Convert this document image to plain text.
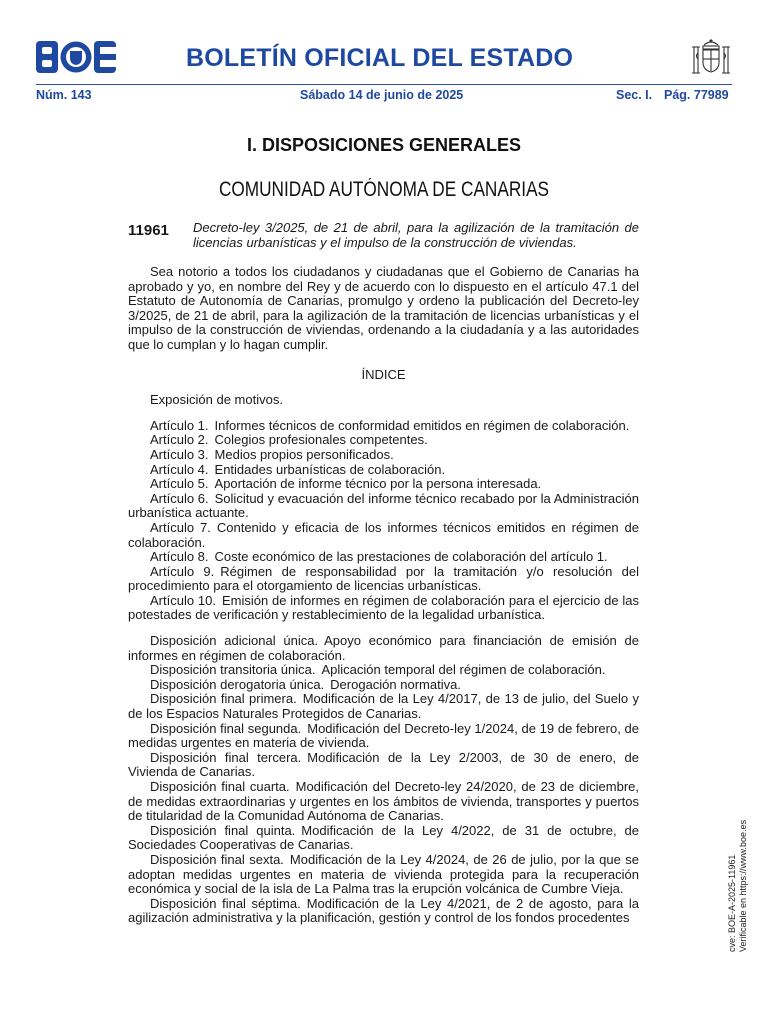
BOLETÍN OFICIAL DEL ESTADO
Núm. 143	Sábado 14 de junio de 2025	Sec. I. Pág. 77989
I. DISPOSICIONES GENERALES
COMUNIDAD AUTÓNOMA DE CANARIAS
11961 Decreto-ley 3/2025, de 21 de abril, para la agilización de la tramitación de licencias urbanísticas y el impulso de la construcción de viviendas.

Sea notorio a todos los ciudadanos y ciudadanas que el Gobierno de Canarias ha aprobado y yo, en nombre del Rey y de acuerdo con lo dispuesto en el artículo 47.1 del Estatuto de Autonomía de Canarias, promulgo y ordeno la publicación del Decreto-ley 3/2025, de 21 de abril, para la agilización de la tramitación de licencias urbanísticas y el impulso de la construcción de viviendas, ordenando a la ciudadanía y a las autoridades que lo cumplan y lo hagan cumplir.

ÍNDICE

Exposición de motivos.

Artículo 1. Informes técnicos de conformidad emitidos en régimen de colaboración.

Artículo 2. Colegios profesionales competentes.

Artículo 3. Medios propios personificados.

Artículo 4. Entidades urbanísticas de colaboración.

Artículo 5. Aportación de informe técnico por la persona interesada.

Artículo 6. Solicitud y evacuación del informe técnico recabado por la Administración urbanística actuante.

Artículo 7. Contenido y eficacia de los informes técnicos emitidos en régimen de colaboración.

Artículo 8. Coste económico de las prestaciones de colaboración del artículo 1.

Artículo 9. Régimen de responsabilidad por la tramitación y/o resolución del procedimiento para el otorgamiento de licencias urbanísticas.

Artículo 10. Emisión de informes en régimen de colaboración para el ejercicio de las potestades de verificación y restablecimiento de la legalidad urbanística.

Disposición adicional única. Apoyo económico para financiación de emisión de informes en régimen de colaboración.

Disposición transitoria única. Aplicación temporal del régimen de colaboración.

Disposición derogatoria única. Derogación normativa.

Disposición final primera. Modificación de la Ley 4/2017, de 13 de julio, del Suelo y de los Espacios Naturales Protegidos de Canarias.

Disposición final segunda. Modificación del Decreto-ley 1/2024, de 19 de febrero, de medidas urgentes en materia de vivienda.

Disposición final tercera. Modificación de la Ley 2/2003, de 30 de enero, de Vivienda de Canarias.

Disposición final cuarta. Modificación del Decreto-ley 24/2020, de 23 de diciembre, de medidas extraordinarias y urgentes en los ámbitos de vivienda, transportes y puertos de titularidad de la Comunidad Autónoma de Canarias.

Disposición final quinta. Modificación de la Ley 4/2022, de 31 de octubre, de Sociedades Cooperativas de Canarias.

Disposición final sexta. Modificación de la Ley 4/2024, de 26 de julio, por la que se adoptan medidas urgentes en materia de vivienda protegida para la recuperación económica y social de la isla de La Palma tras la erupción volcánica de Cumbre Vieja.

Disposición final séptima. Modificación de la Ley 4/2021, de 2 de agosto, para la agilización administrativa y la planificación, gestión y control de los fondos procedentes	cve: BOE-A-2025-11961 Verificable en https://www.boe.es
